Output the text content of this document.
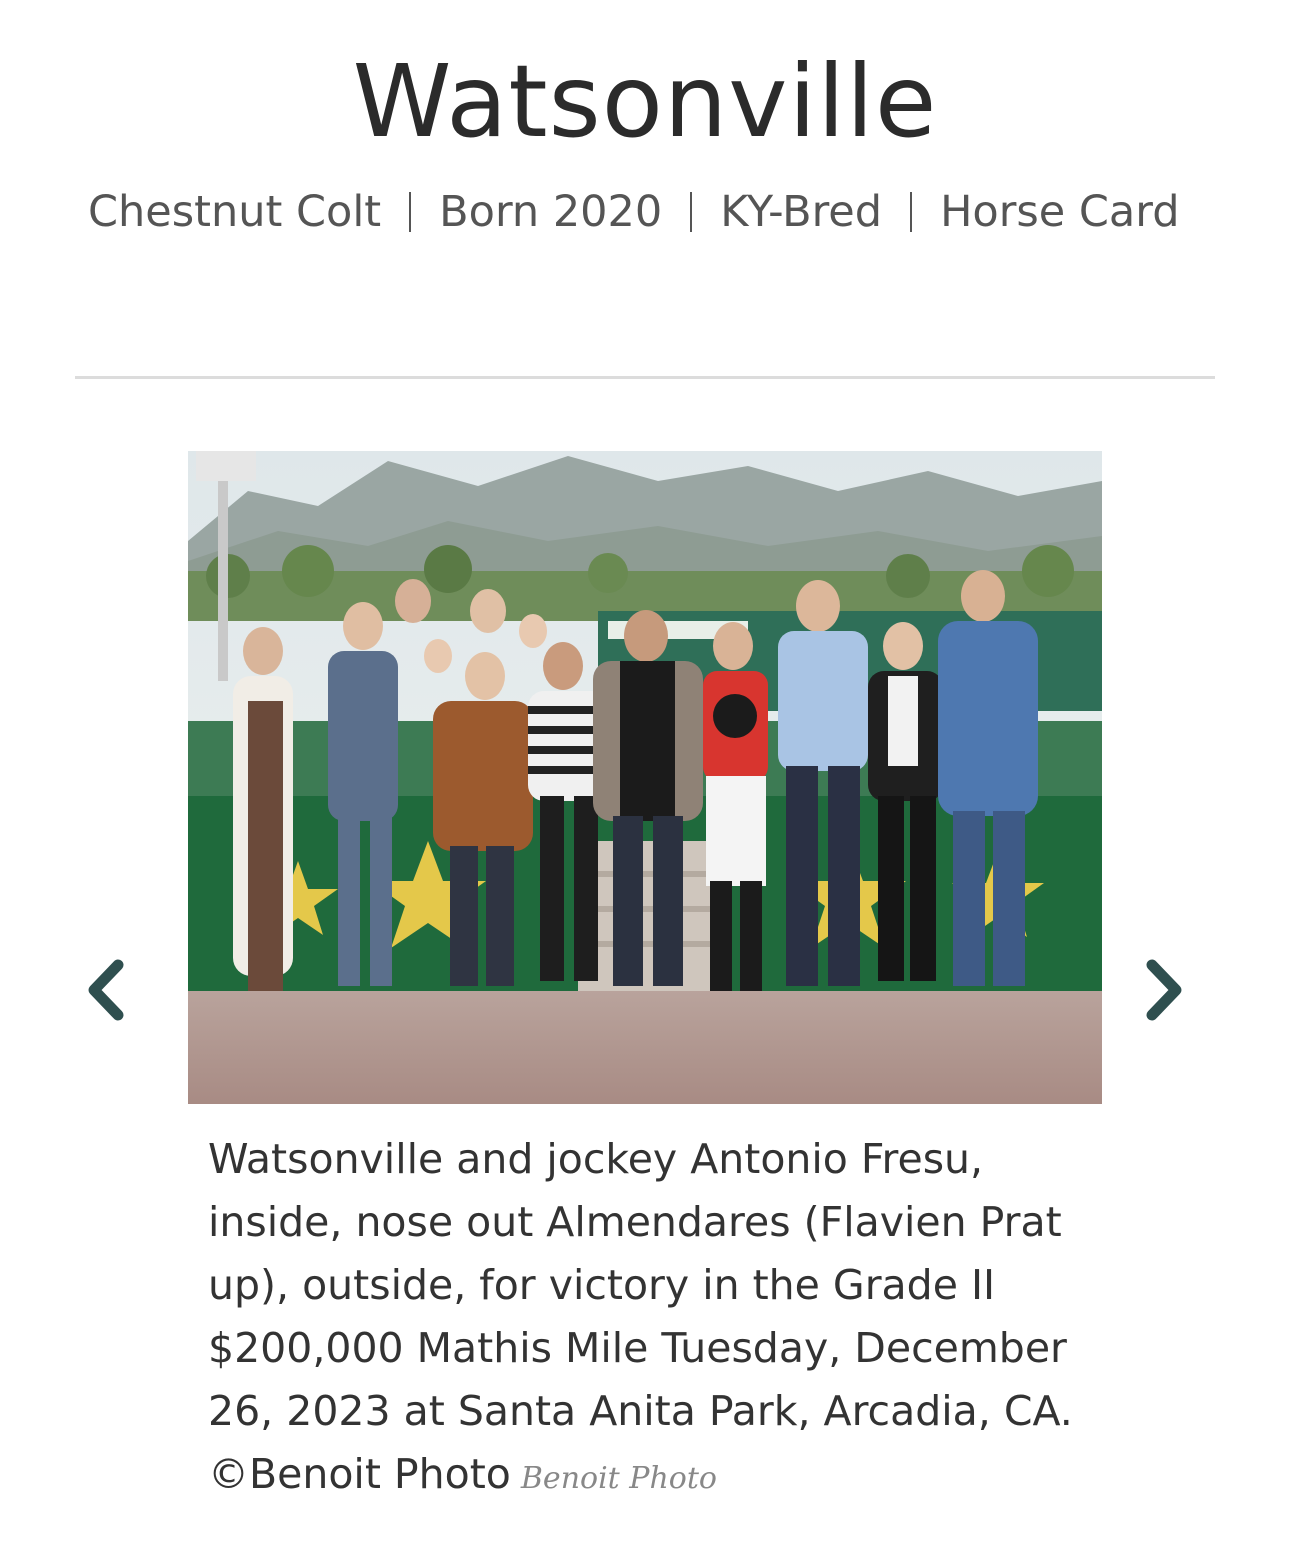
Watsonville
Chestnut Colt Born 2020 KY-Bred Horse Card
Watsonville and jockey Antonio Fresu, inside, nose out Almendares (Flavien Prat up), outside, for victory in the Grade II $200,000 Mathis Mile Tuesday, December 26, 2023 at Santa Anita Park, Arcadia, CA. ©Benoit Photo Benoit Photo
